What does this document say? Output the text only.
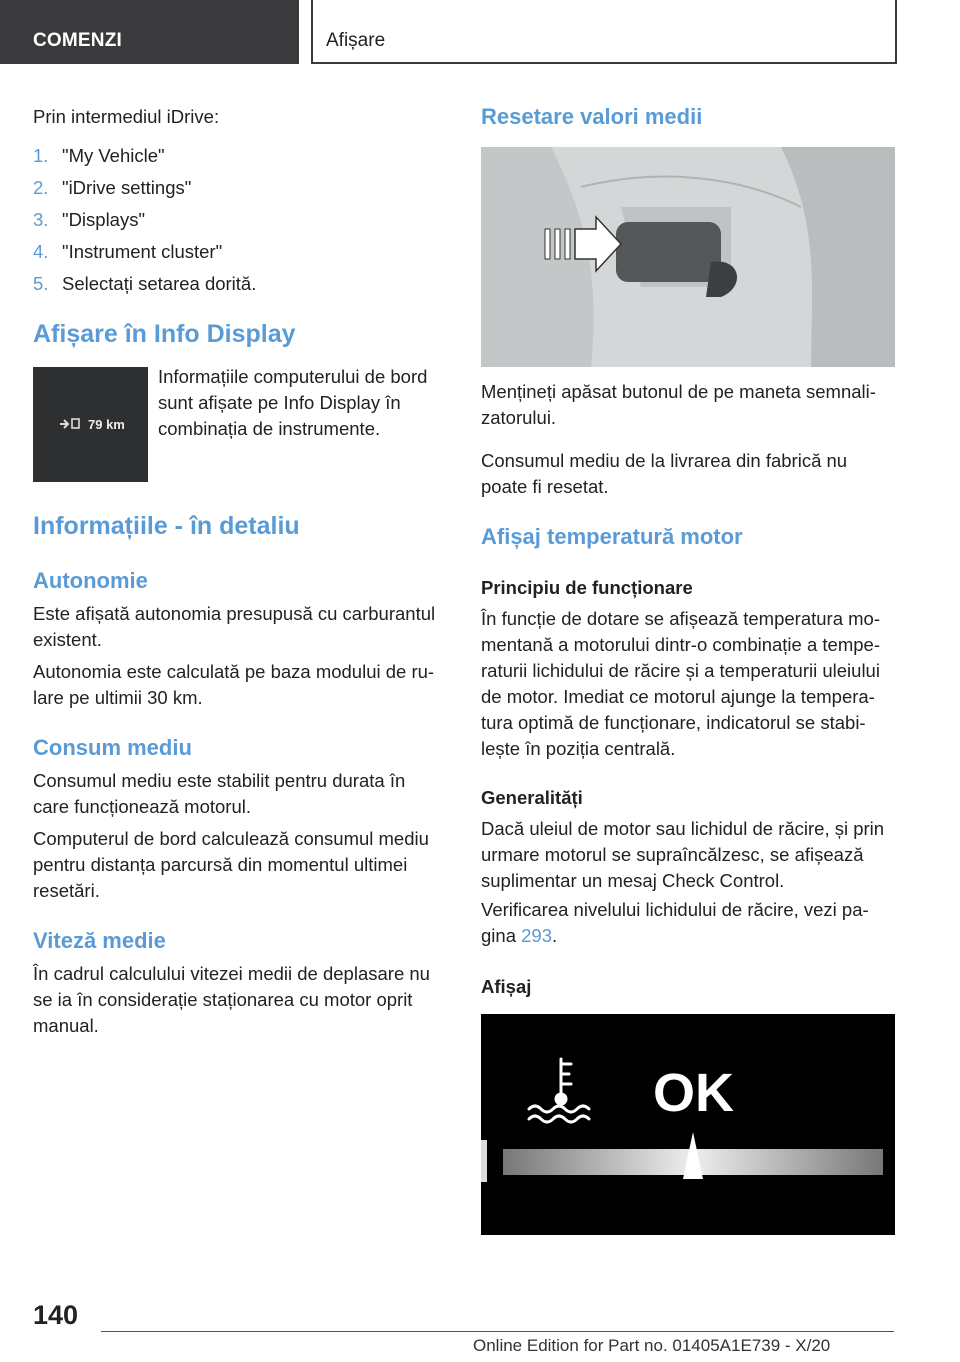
COMENZI	Afișare

Prin intermediul iDrive:

1. "My Vehicle"

2. "iDrive settings"

3. "Displays"

4. "Instrument cluster"

5. Selectați setarea dorită.

Afișare în Info Display
79 km

Informațiile computerului de bord

sunt afișate pe Info Display în

combinația de instrumente.

Informațiile - în detaliu
Autonomie

Este afișată autonomia presupusă cu carburantul

existent.

Autonomia este calculată pe baza modului de ru-

lare pe ultimii 30 km.

Consum mediu

Consumul mediu este stabilit pentru durata în

care funcționează motorul.

Computerul de bord calculează consumul mediu

pentru distanța parcursă din momentul ultimei

resetări.

Viteză medie

În cadrul calculului vitezei medii de deplasare nu

se ia în considerație staționarea cu motor oprit

manual.

Resetare valori medii

Mențineți apăsat butonul de pe maneta semnali-

zatorului.

Consumul mediu de la livrarea din fabrică nu

poate fi resetat.

Afișaj temperatură motor

Principiu de funcționare

În funcție de dotare se afișează temperatura mo-

mentană a motorului dintr-o combinație a tempe-

raturii lichidului de răcire și a temperaturii uleiului

de motor. Imediat ce motorul ajunge la tempera-

tura optimă de funcționare, indicatorul se stabi-

lește în poziția centrală.

Generalități

Dacă uleiul de motor sau lichidul de răcire, și prin

urmare motorul se supraîncălzesc, se afișează

suplimentar un mesaj Check Control.

Verificarea nivelului lichidului de răcire, vezi pa-

gina 293.

Afișaj

OK
140
Online Edition for Part no. 01405A1E739 - X/20
